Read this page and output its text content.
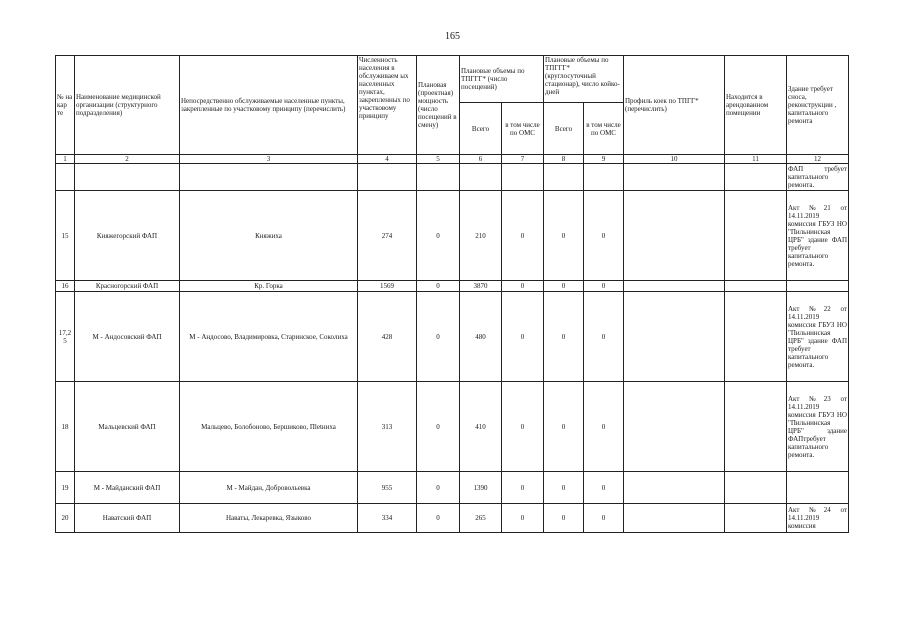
165
№ на кар те	Наименование медицинской организации (структурного подразделения)	Непосредственно обслуживаемые населенные пункты, закрепленные по участковому принципу (перечислить)	Численность населения в обслуживаем ых населенных пунктах, закрепленных по участковому принципу	Плановая (проектная) мощность (число посещений в смену)	Плановые объемы по ТПГГГ* (число посещений)		Плановые объемы по ТПГГГ* (круглосуточный стационар), число койко-дней		Профиль коек по ТПГГ* (перечислить)	Находится в арендованном помещении	Здание требует сноса, реконструкции , капитального ремонта
					Всего	в том числе по ОМС	Всего	в том числе по ОМС			
1	2	3	4	5	6	7	8	9	10	11	12
											ФАП требует капитального ремонта.
15	Княжегорский ФАП	Княжиха	274	0	210	0	0	0			Акт №21 от 14.11.2019 комиссия ГБУЗ НО "Пильнинская ЦРБ" здание ФАП требует капитального ремонта.
16	Красногорский ФАП	Кр. Горка	1569	0	3870	0	0	0			
17,2 5	М - Андосовский ФАП	М - Андосово, Владимировка, Старинское, Соколиха	428	0	480	0	0	0			Акт №22 от 14.11.2019 комиссия ГБУЗ НО "Пильнинская ЦРБ" здание ФАП требует капитального ремонта.
18	Мальцевский ФАП	Мальцево, Болобоново, Бершиково, Пletниха	313	0	410	0	0	0			Акт №23 от 14.11.2019 комиссия ГБУЗ НО "Пильнинская ЦРБ" здание ФАПтребует капитального ремонта.
19	М - Майданский ФАП	М - Майдан, Добровольевка	955	0	1390	0	0	0			
20	Наватский ФАП	Наваты, Лекаревка, Языково	334	0	265	0	0	0			Акт №24 от 14.11.2019 комиссия
